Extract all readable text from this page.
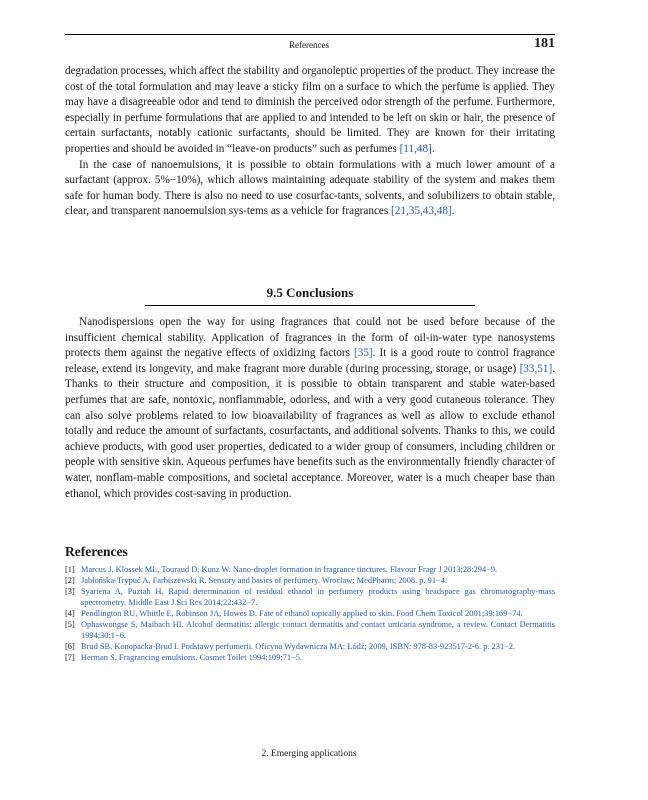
References	181

degradation processes, which affect the stability and organoleptic properties of the product. They increase the cost of the total formulation and may leave a sticky film on a surface to which the perfume is applied. They may have a disagreeable odor and tend to diminish the perceived odor strength of the perfume. Furthermore, especially in perfume formulations that are applied to and intended to be left on skin or hair, the presence of certain surfactants, notably cationic surfactants, should be limited. They are known for their irritating properties and should be avoided in “leave-on products” such as perfumes [11,48].

In the case of nanoemulsions, it is possible to obtain formulations with a much lower amount of a surfactant (approx. 5%−10%), which allows maintaining adequate stability of the system and makes them safe for human body. There is also no need to use cosurfac-tants, solvents, and solubilizers to obtain stable, clear, and transparent nanoemulsion sys-tems as a vehicle for fragrances [21,35,43,48].

9.5 Conclusions

Nanodispersions open the way for using fragrances that could not be used before because of the insufficient chemical stability. Application of fragrances in the form of oil-in-water type nanosystems protects them against the negative effects of oxidizing factors [35]. It is a good route to control fragrance release, extend its longevity, and make fragrant more durable (during processing, storage, or usage) [33,51]. Thanks to their structure and composition, it is possible to obtain transparent and stable water-based perfumes that are safe, nontoxic, nonflammable, odorless, and with a very good cutaneous tolerance. They can also solve problems related to low bioavailability of fragrances as well as allow to exclude ethanol totally and reduce the amount of surfactants, cosurfactants, and additional solvents. Thanks to this, we could achieve products, with good user properties, dedicated to a wider group of consumers, including children or people with sensitive skin. Aqueous perfumes have benefits such as the environmentally friendly character of water, nonflam-mable compositions, and societal acceptance. Moreover, water is a much cheaper base than ethanol, which provides cost-saving in production.

References
[1] Marcus J, Klossek ML, Touraud D, Kunz W. Nano-droplet formation in fragrance tinctures. Flavour Fragr J 2013;28:294−9.
[2] Jabłońska-Trypuć A, Farbiszewski R. Sensory and basics of perfumery. Wroclaw: MedPharm; 2008. p. 91−4.
[3] Syariena A, Puziah H. Rapid determination of residual ethanol in perfumery products using headspace gas chromatography-mass spectrometry. Middle East J Sci Res 2014;22:432−7.
[4] Pendlington RU, Whittle E, Robinson JA, Howes D. Fate of ethanol topically applied to skin. Food Chem Toxicol 2001;39:169−74.
[5] Ophaswongse S, Maibach HI. Alcohol dermatitis: allergic contact dermatitis and contact urticaria syndrome, a review. Contact Dermatitis 1994;30:1−6.
[6] Brud SB, Konopacka-Brud I. Podstawy perfumerii. Oficyna Wydawnicza MA: Łódź; 2009, ISBN: 978-83-923517-2-6. p. 231−2.
[7] Herman S. Fragrancing emulsions. Cosmet Toilet 1994;109:71−5.
2. Emerging applications
